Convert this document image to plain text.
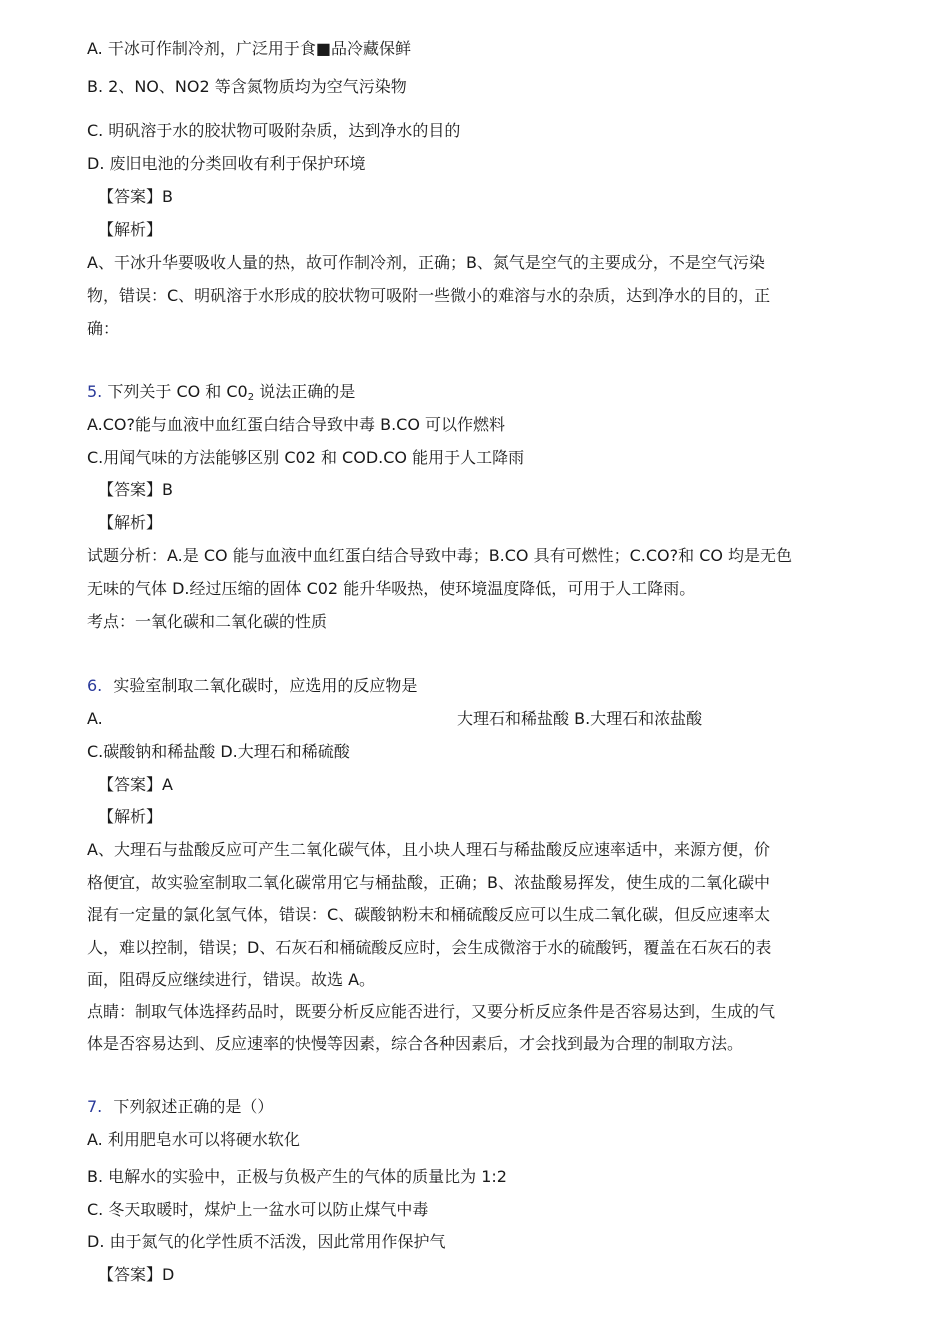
A. 干冰可作制冷剂，广泛用于食■品冷藏保鲜
B. 2、NO、NO2 等含氮物质均为空气污染物
C. 明矾溶于水的胶状物可吸附杂质，达到净水的目的
D. 废旧电池的分类回收有利于保护环境
【答案】B
【解析】
A、干冰升华要吸收人量的热，故可作制冷剂，正确；B、氮气是空气的主要成分，不是空气污染
物，错误：C、明矾溶于水形成的胶状物可吸附一些微小的难溶与水的杂质，达到净水的目的，正
确：
5. 下列关于 CO 和 $C0_2$ 说法正确的是
A.CO?能与血液中血红蛋白结合导致中毒 B.CO 可以作燃料
C.用闻气味的方法能够区别 C02 和 COD.CO 能用于人工降雨
【答案】B
【解析】
试题分析：A.是 CO 能与血液中血红蛋白结合导致中毒；B.CO 具有可燃性；C.CO?和 CO 均是无色
无味的气体 D.经过压缩的固体 C02 能升华吸热，使环境温度降低，可用于人工降雨。
考点：一氧化碳和二氧化碳的性质
6. 实验室制取二氧化碳时，应选用的反应物是
A.	大理石和稀盐酸 B.大理石和浓盐酸
C.碳酸钠和稀盐酸 D.大理石和稀硫酸
【答案】A
【解析】
A、大理石与盐酸反应可产生二氧化碳气体，且小块人理石与稀盐酸反应速率适中，来源方便，价
格便宜，故实验室制取二氧化碳常用它与桶盐酸，正确；B、浓盐酸易挥发，使生成的二氧化碳中
混有一定量的氯化氢气体，错误：C、碳酸钠粉末和桶硫酸反应可以生成二氧化碳，但反应速率太
人，难以控制，错误；D、石灰石和桶硫酸反应时，会生成微溶于水的硫酸钙，覆盖在石灰石的表
面，阻碍反应继续进行，错误。故选 A。
点睛：制取气体选择药品时，既要分析反应能否进行，又要分析反应条件是否容易达到，生成的气
体是否容易达到、反应速率的快慢等因素，综合各种因素后，才会找到最为合理的制取方法。
7. 下列叙述正确的是（）
A. 利用肥皂水可以将硬水软化
B. 电解水的实验中，正极与负极产生的气体的质量比为 1:2
C. 冬天取暖时，煤炉上一盆水可以防止煤气中毒
D. 由于氮气的化学性质不活泼，因此常用作保护气
【答案】D
